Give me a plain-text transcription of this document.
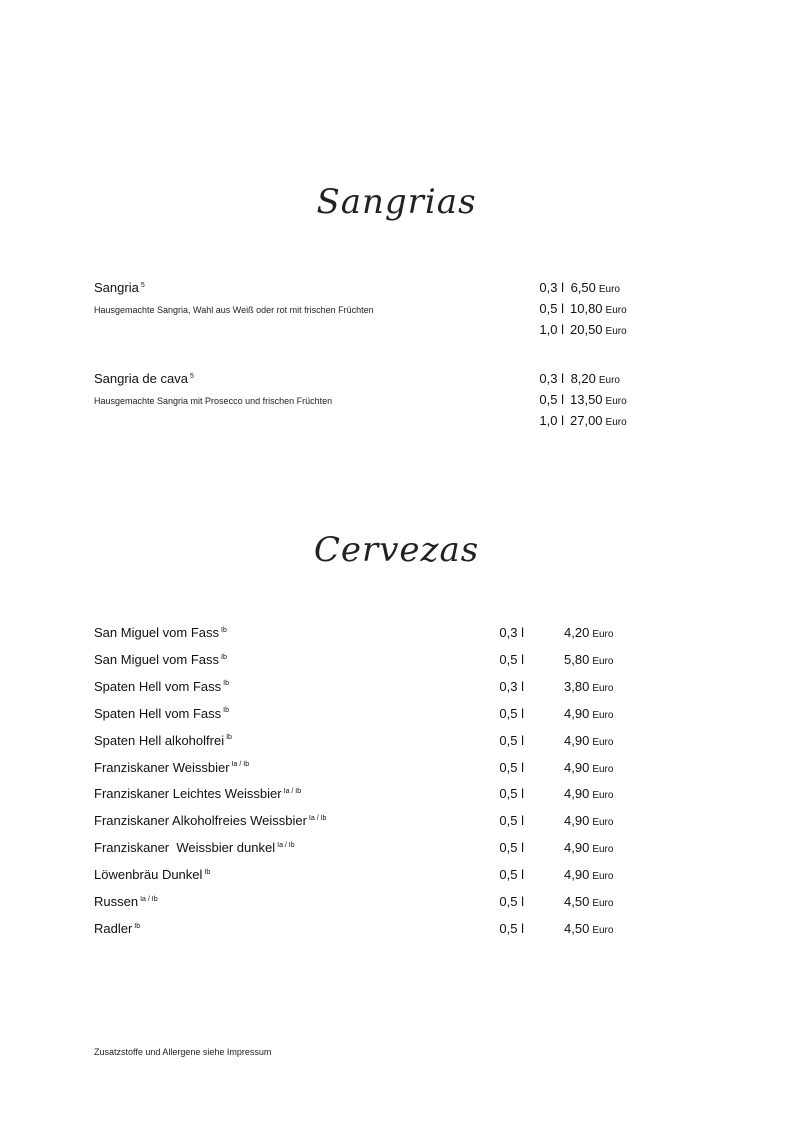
Sangrias
Sangria $^5$
Hausgemachte Sangria, Wahl aus Weiß oder rot mit frischen Früchten
0,3 l 6,50 Euro
0,5 l 10,80 Euro
1,0 l 20,50 Euro
Sangria de cava $^5$
Hausgemachte Sangria mit Prosecco und frischen Früchten
0,3 l 8,20 Euro
0,5 l 13,50 Euro
1,0 l 27,00 Euro
Cervezas
San Miguel vom Fass $^{Ib}$	0,3 l	4,20 Euro
San Miguel vom Fass $^{Ib}$	0,5 l	5,80 Euro
Spaten Hell vom Fass $^{Ib}$	0,3 l	3,80 Euro
Spaten Hell vom Fass $^{Ib}$	0,5 l	4,90 Euro
Spaten Hell alkoholfrei $^{Ib}$	0,5 l	4,90 Euro
Franziskaner Weissbier $^{Ia / Ib}$	0,5 l	4,90 Euro
Franziskaner Leichtes Weissbier $^{Ia / Ib}$	0,5 l	4,90 Euro
Franziskaner Alkoholfreies Weissbier $^{Ia / Ib}$	0,5 l	4,90 Euro
Franziskaner  Weissbier dunkel $^{Ia / Ib}$	0,5 l	4,90 Euro
Löwenbräu Dunkel $^{Ib}$	0,5 l	4,90 Euro
Russen $^{Ia / Ib}$	0,5 l	4,50 Euro
Radler $^{Ib}$	0,5 l	4,50 Euro
Zusatzstoffe und Allergene siehe Impressum
